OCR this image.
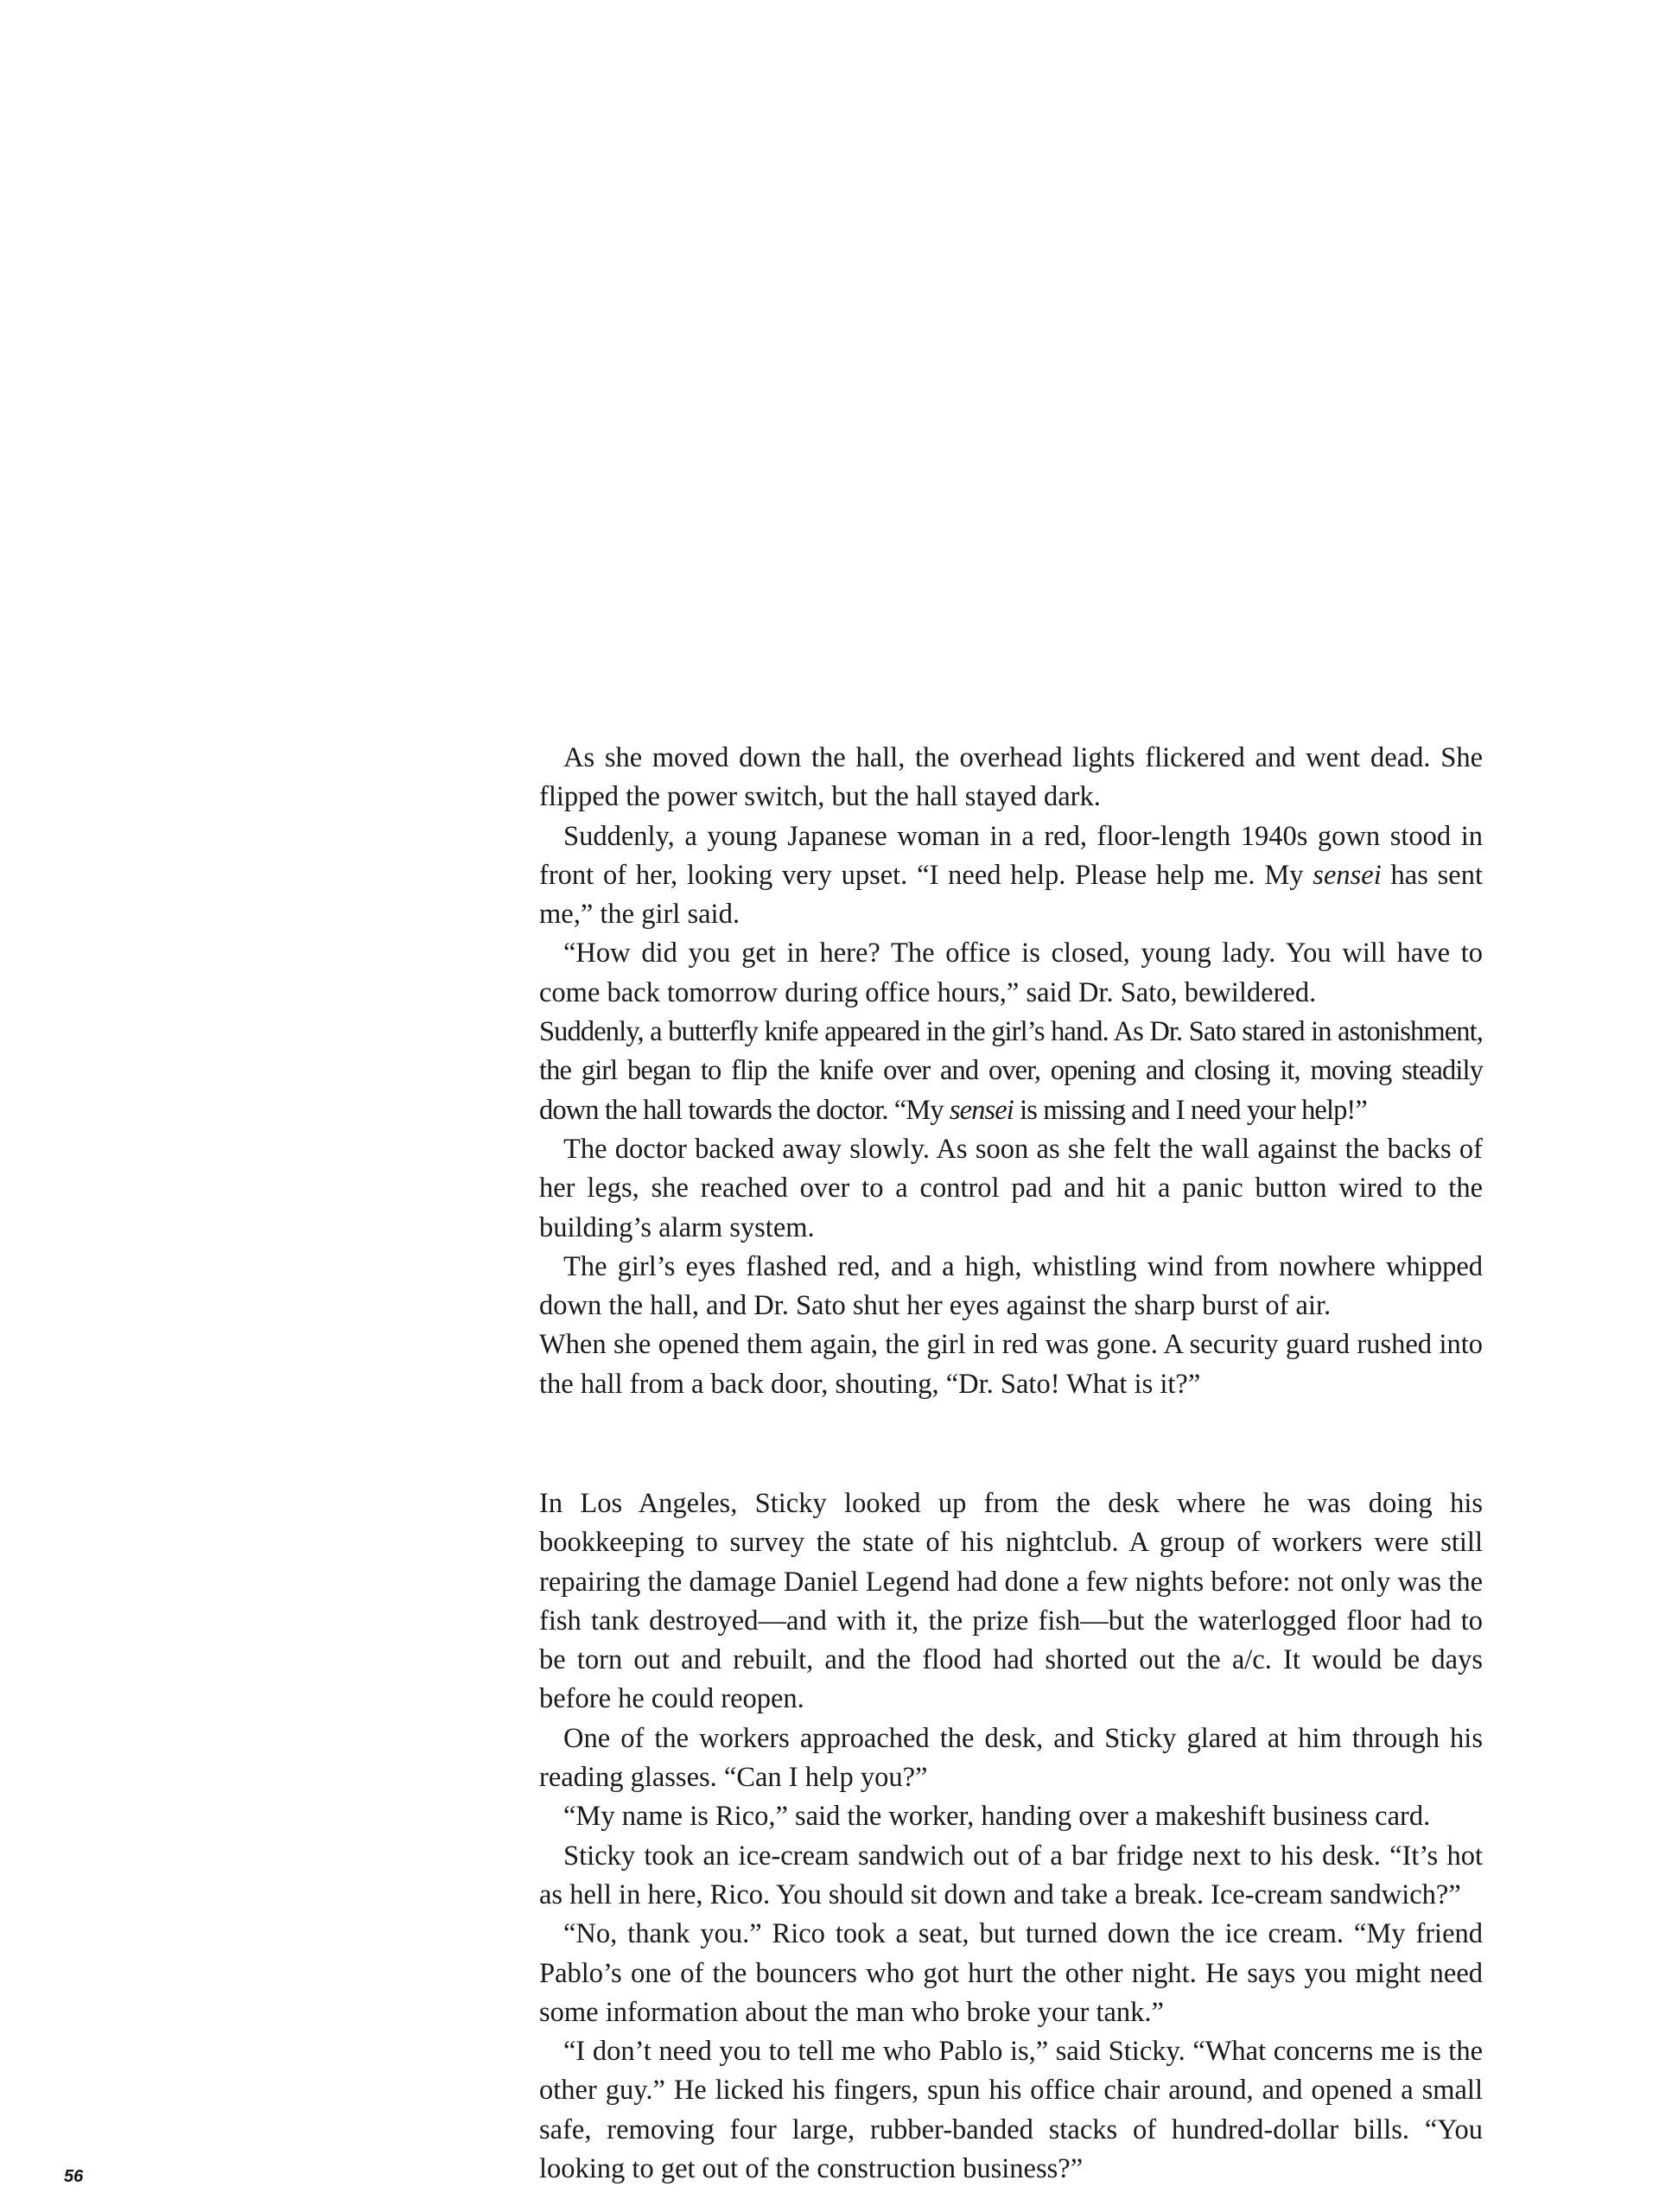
As she moved down the hall, the overhead lights flickered and went dead. She flipped the power switch, but the hall stayed dark.

Suddenly, a young Japanese woman in a red, floor-length 1940s gown stood in front of her, looking very upset. “I need help. Please help me. My sensei has sent me,” the girl said.

“How did you get in here? The office is closed, young lady. You will have to come back tomorrow during office hours,” said Dr. Sato, bewildered.

Suddenly, a butterfly knife appeared in the girl’s hand. As Dr. Sato stared in astonishment, the girl began to flip the knife over and over, opening and closing it, moving steadily down the hall towards the doctor. “My sensei is missing and I need your help!”

The doctor backed away slowly. As soon as she felt the wall against the backs of her legs, she reached over to a control pad and hit a panic button wired to the building’s alarm system.

The girl’s eyes flashed red, and a high, whistling wind from nowhere whipped down the hall, and Dr. Sato shut her eyes against the sharp burst of air.

When she opened them again, the girl in red was gone. A security guard rushed into the hall from a back door, shouting, “Dr. Sato! What is it?”

In Los Angeles, Sticky looked up from the desk where he was doing his bookkeeping to survey the state of his nightclub. A group of workers were still repairing the damage Daniel Legend had done a few nights before: not only was the fish tank destroyed—and with it, the prize fish—but the waterlogged floor had to be torn out and rebuilt, and the flood had shorted out the a/c. It would be days before he could reopen.

One of the workers approached the desk, and Sticky glared at him through his reading glasses. “Can I help you?”

“My name is Rico,” said the worker, handing over a makeshift business card.

Sticky took an ice-cream sandwich out of a bar fridge next to his desk. “It’s hot as hell in here, Rico. You should sit down and take a break. Ice-cream sandwich?”

“No, thank you.” Rico took a seat, but turned down the ice cream. “My friend Pablo’s one of the bouncers who got hurt the other night. He says you might need some information about the man who broke your tank.”

“I don’t need you to tell me who Pablo is,” said Sticky. “What concerns me is the other guy.” He licked his fingers, spun his office chair around, and opened a small safe, removing four large, rubber-banded stacks of hundred-dollar bills. “You looking to get out of the construction business?”

56
